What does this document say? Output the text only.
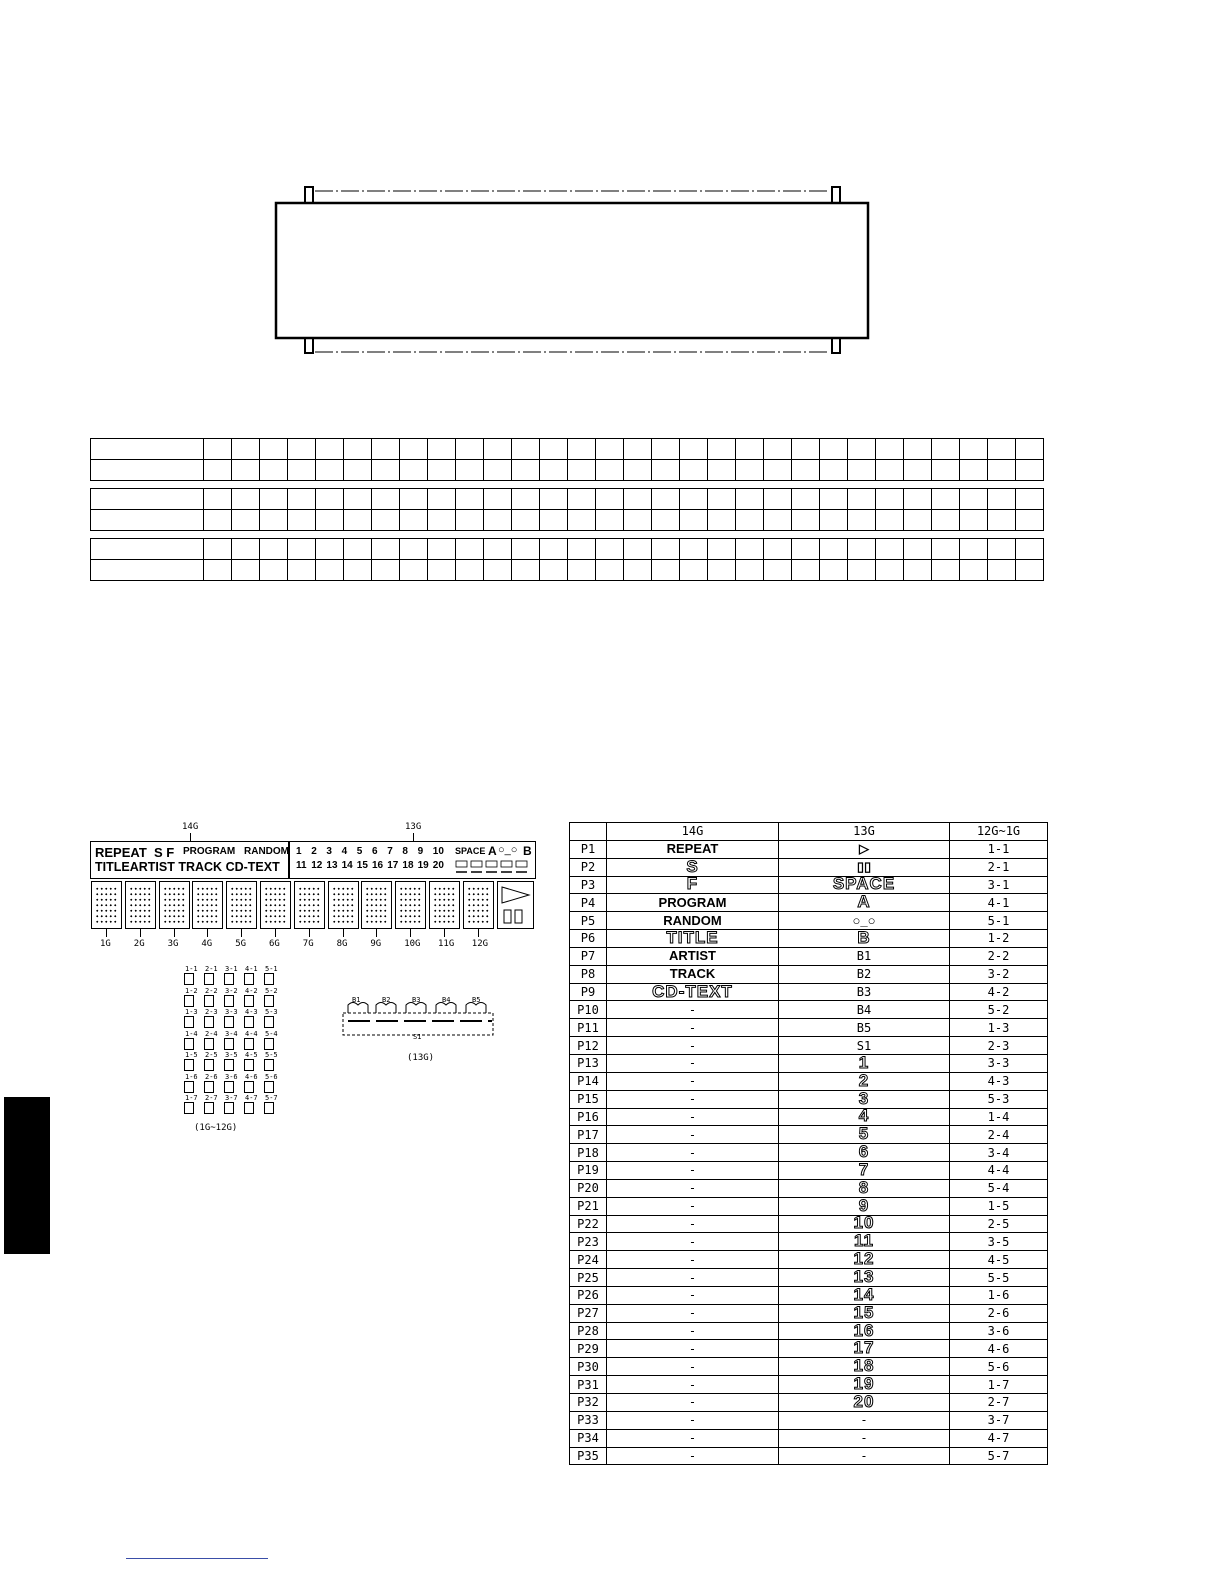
14G	13G
REPEAT S F PROGRAM RANDOM
TITLEARTIST TRACK CD-TEXT
1 2 3 4 5 6 7 8 9 10
11 12 13 14 15 16 17 18 19 20
SPACE A ○_○ B
1G	2G	3G	4G	5G	6G	7G	8G	9G	10G 11G 12G
1-1 2-1 3-1 4-1 5-1
1-2 2-2 3-2 4-2 5-2
1-3 2-3 3-3 4-3 5-3
1-4 2-4 3-4 4-4 5-4
1-5 2-5 3-5 4-5 5-5
1-6 2-6 3-6 4-6 5-6
1-7 2-7 3-7 4-7 5-7
(1G~12G)
B1	B2	B3	B4	B5
S1
(13G)
	14G	13G	12G~1G
P1	REPEAT	▷	1-1
P2	S	▯▯	2-1
P3	F	SPACE	3-1
P4	PROGRAM	A	4-1
P5	RANDOM	○_○	5-1
P6	TITLE	B	1-2
P7	ARTIST	B1	2-2
P8	TRACK	B2	3-2
P9	CD-TEXT	B3	4-2
P10	-	B4	5-2
P11	-	B5	1-3
P12	-	S1	2-3
P13	-	1	3-3
P14	-	2	4-3
P15	-	3	5-3
P16	-	4	1-4
P17	-	5	2-4
P18	-	6	3-4
P19	-	7	4-4
P20	-	8	5-4
P21	-	9	1-5
P22	-	10	2-5
P23	-	11	3-5
P24	-	12	4-5
P25	-	13	5-5
P26	-	14	1-6
P27	-	15	2-6
P28	-	16	3-6
P29	-	17	4-6
P30	-	18	5-6
P31	-	19	1-7
P32	-	20	2-7
P33	-	-	3-7
P34	-	-	4-7
P35	-	-	5-7
